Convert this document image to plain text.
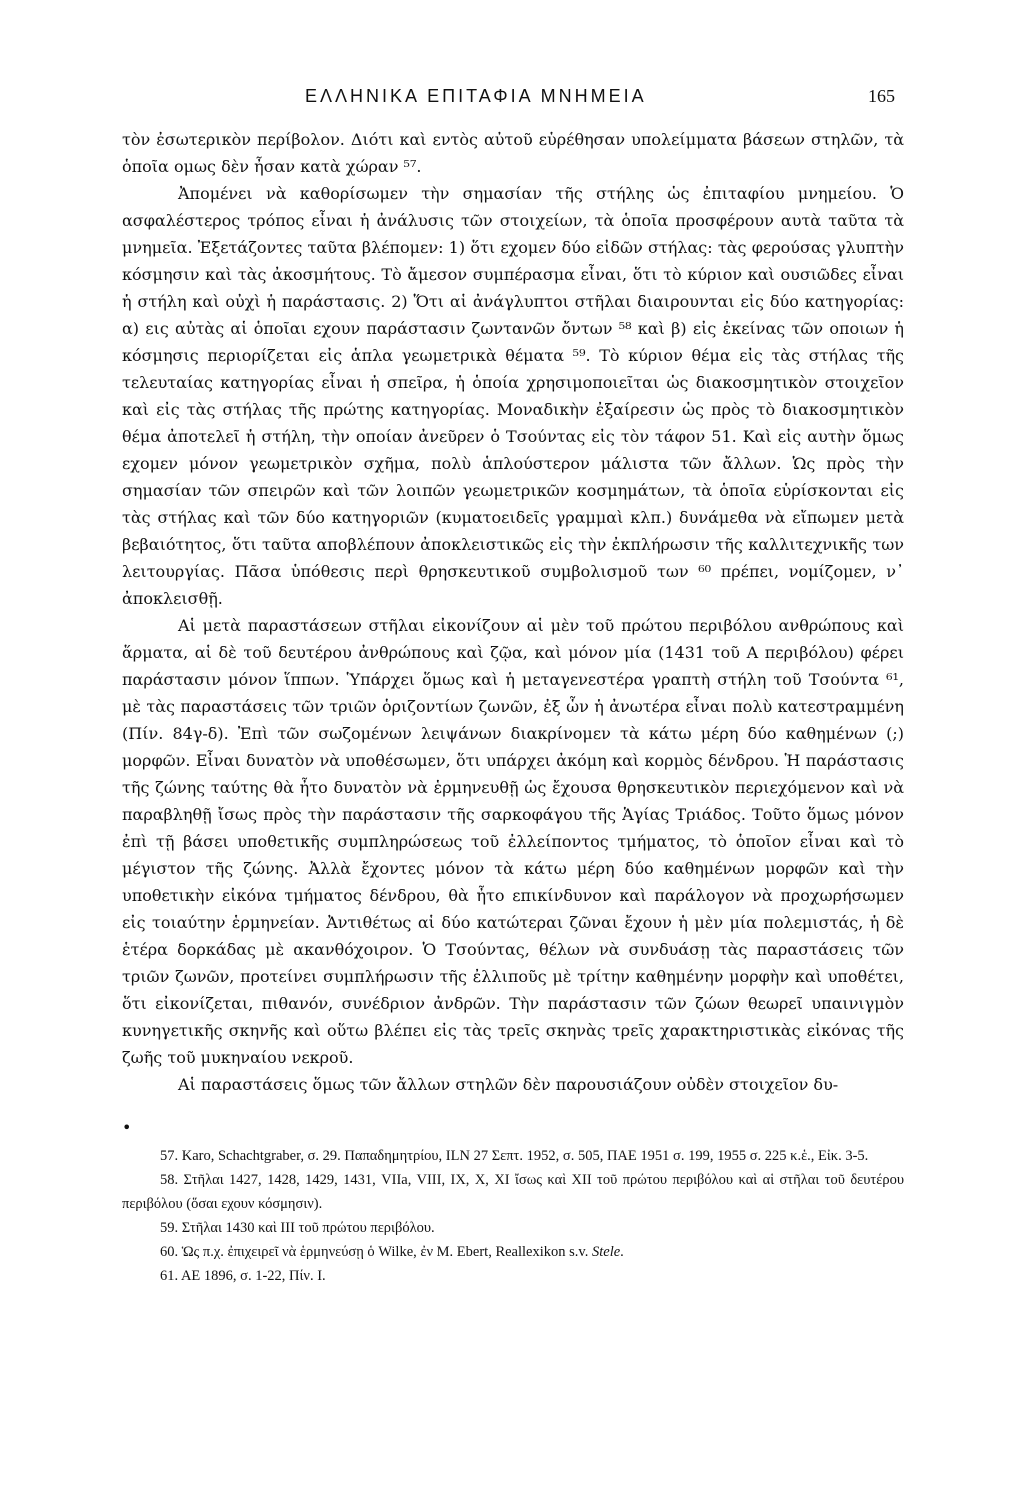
ΕΛΛΗΝΙΚΑ ΕΠΙΤΑΦΙΑ ΜΝΗΜΕΙΑ	165

τὸν ἐσωτερικὸν περίβολον. Διότι καὶ εντὸς αὐτοῦ εὑρέθησαν υπολείμματα βάσεων στηλῶν, τὰ ὁποῖα ομως δὲν ἦσαν κατὰ χώραν ⁵⁷.

Ἀπομένει νὰ καθορίσωμεν τὴν σημασίαν τῆς στήλης ὡς ἐπιταφίου μνημείου. Ὁ ασφαλέστερος τρόπος εἶναι ἡ ἀνάλυσις τῶν στοιχείων, τὰ ὁποῖα προσφέρουν αυτὰ ταῦτα τὰ μνημεῖα. Ἐξετάζοντες ταῦτα βλέπομεν: 1) ὅτι εχομεν δύο εἰδῶν στήλας: τὰς φερούσας γλυπτὴν κόσμησιν καὶ τὰς ἀκοσμήτους. Τὸ ἄμεσον συμπέρασμα εἶναι, ὅτι τὸ κύριον καὶ ουσιῶδες εἶναι ἡ στήλη καὶ οὐχὶ ἡ παράστασις. 2) Ὅτι αἱ ἀνάγλυπτοι στῆλαι διαιρουνται εἰς δύο κατηγορίας: α) εις αὐτὰς αἱ ὁποῖαι εχουν παράστασιν ζωντανῶν ὄντων ⁵⁸ καὶ β) εἰς ἐκείνας τῶν οποιων ἡ κόσμησις περιορίζεται εἰς ἁπλα γεωμετρικὰ θέματα ⁵⁹. Τὸ κύριον θέμα εἰς τὰς στήλας τῆς τελευταίας κατηγορίας εἶναι ἡ σπεῖρα, ἡ ὁποία χρησιμοποιεῖται ὡς διακοσμητικὸν στοιχεῖον καὶ εἰς τὰς στήλας τῆς πρώτης κατηγορίας. Μοναδικὴν ἐξαίρεσιν ὡς πρὸς τὸ διακοσμητικὸν θέμα ἀποτελεῖ ἡ στήλη, τὴν οποίαν ἀνεῦρεν ὁ Τσούντας εἰς τὸν τάφον 51. Καὶ εἰς αυτὴν ὅμως εχομεν μόνον γεωμετρικὸν σχῆμα, πολὺ ἁπλούστερον μάλιστα τῶν ἄλλων. Ὡς πρὸς τὴν σημασίαν τῶν σπειρῶν καὶ τῶν λοιπῶν γεωμετρικῶν κοσμημάτων, τὰ ὁποῖα εὑρίσκονται εἰς τὰς στήλας καὶ τῶν δύο κατηγοριῶν (κυματοειδεῖς γραμμαὶ κλπ.) δυνάμεθα νὰ εἴπωμεν μετὰ βεβαιότητος, ὅτι ταῦτα αποβλέπουν ἀποκλειστικῶς εἰς τὴν ἐκπλήρωσιν τῆς καλλιτεχνικῆς των λειτουργίας. Πᾶσα ὑπόθεσις περὶ θρησκευτικοῦ συμβολισμοῦ των ⁶⁰ πρέπει, νομίζομεν, ν᾽ ἀποκλεισθῇ.

Αἱ μετὰ παραστάσεων στῆλαι εἰκονίζουν αἱ μὲν τοῦ πρώτου περιβόλου ανθρώπους καὶ ἅρματα, αἱ δὲ τοῦ δευτέρου ἀνθρώπους καὶ ζῷα, καὶ μόνον μία (1431 τοῦ Α περιβόλου) φέρει παράστασιν μόνον ἵππων. Ὑπάρχει ὅμως καὶ ἡ μεταγενεστέρα γραπτὴ στήλη τοῦ Τσούντα ⁶¹, μὲ τὰς παραστάσεις τῶν τριῶν ὁριζοντίων ζωνῶν, ἐξ ὧν ἡ ἀνωτέρα εἶναι πολὺ κατεστραμμένη (Πίν. 84γ-δ). Ἐπὶ τῶν σωζομένων λειψάνων διακρίνομεν τὰ κάτω μέρη δύο καθημένων (;) μορφῶν. Εἶναι δυνατὸν νὰ υποθέσωμεν, ὅτι υπάρχει ἀκόμη καὶ κορμὸς δένδρου. Ἡ παράστασις τῆς ζώνης ταύτης θὰ ἦτο δυνατὸν νὰ ἑρμηνευθῇ ὡς ἔχουσα θρησκευτικὸν περιεχόμενον καὶ νὰ παραβληθῇ ἴσως πρὸς τὴν παράστασιν τῆς σαρκοφάγου τῆς Ἁγίας Τριάδος. Τοῦτο ὅμως μόνον ἐπὶ τῇ βάσει υποθετικῆς συμπληρώσεως τοῦ ἐλλείποντος τμήματος, τὸ ὁποῖον εἶναι καὶ τὸ μέγιστον τῆς ζώνης. Ἀλλὰ ἔχοντες μόνον τὰ κάτω μέρη δύο καθημένων μορφῶν καὶ τὴν υποθετικὴν εἰκόνα τμήματος δένδρου, θὰ ἦτο επικίνδυνον καὶ παράλογον νὰ προχωρήσωμεν εἰς τοιαύτην ἑρμηνείαν. Ἀντιθέτως αἱ δύο κατώτεραι ζῶναι ἔχουν ἡ μὲν μία πολεμιστάς, ἡ δὲ ἑτέρα δορκάδας μὲ ακανθόχοιρον. Ὁ Τσούντας, θέλων νὰ συνδυάσῃ τὰς παραστάσεις τῶν τριῶν ζωνῶν, προτείνει συμπλήρωσιν τῆς ἐλλιποῦς μὲ τρίτην καθημένην μορφὴν καὶ υποθέτει, ὅτι εἰκονίζεται, πιθανόν, συνέδριον ἀνδρῶν. Τὴν παράστασιν τῶν ζώων θεωρεῖ υπαινιγμὸν κυνηγετικῆς σκηνῆς καὶ οὕτω βλέπει εἰς τὰς τρεῖς σκηνὰς τρεῖς χαρακτηριστικὰς εἰκόνας τῆς ζωῆς τοῦ μυκηναίου νεκροῦ.

Αἱ παραστάσεις ὅμως τῶν ἄλλων στηλῶν δὲν παρουσιάζουν οὐδὲν στοιχεῖον δυ-

•

57. Karo, Schachtgraber, σ. 29. Παπαδημητρίου, ILN 27 Σεπτ. 1952, σ. 505, ΠΑΕ 1951 σ. 199, 1955 σ. 225 κ.ἑ., Εἰκ. 3-5.

58. Στῆλαι 1427, 1428, 1429, 1431, VIIa, VIII, IX, X, XI ἴσως καὶ XII τοῦ πρώτου περιβόλου καὶ αἱ στῆλαι τοῦ δευτέρου περιβόλου (ὅσαι εχουν κόσμησιν).

59. Στῆλαι 1430 καὶ III τοῦ πρώτου περιβόλου.

60. Ὡς π.χ. ἐπιχειρεῖ νὰ ἑρμηνεύσῃ ὁ Wilke, ἐν M. Ebert, Reallexikon s.v. Stele.

61. ΑΕ 1896, σ. 1-22, Πίν. I.
